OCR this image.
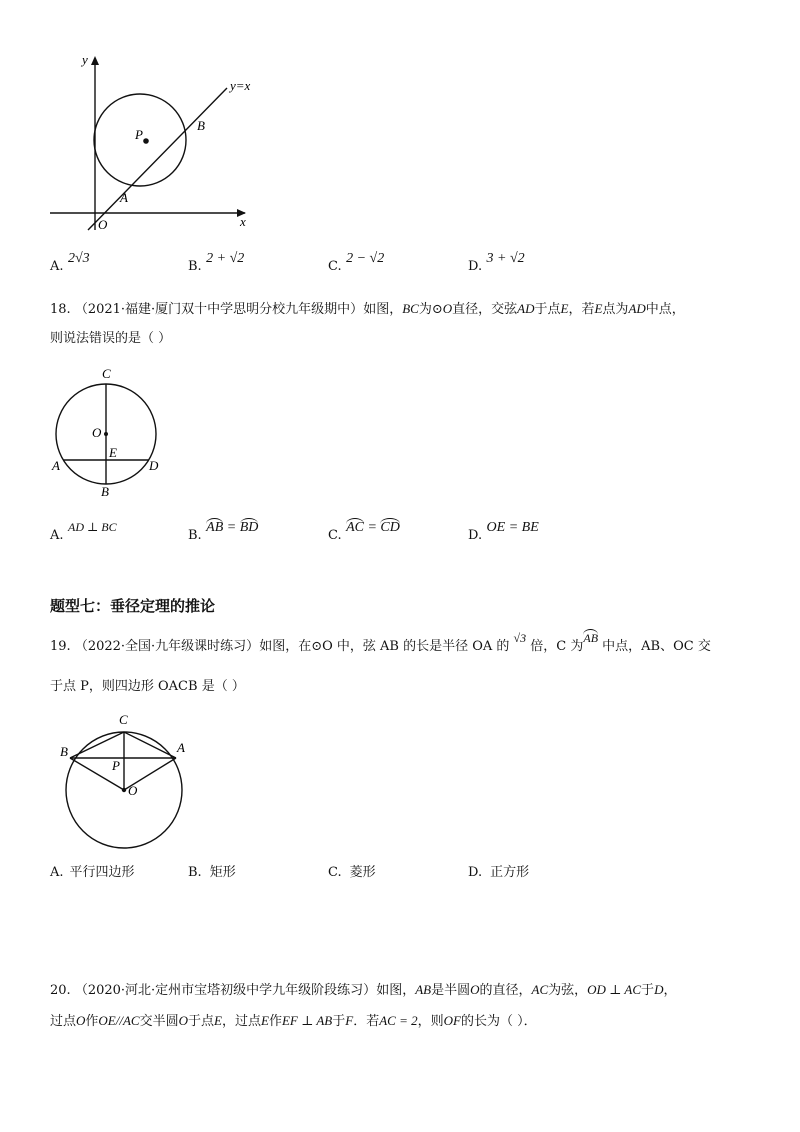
y
x
O
y=x
P
A
B
A. 2√3
B. 2 + √2
C. 2 − √2
D. 3 + √2
18. （2021·福建·厦门双十中学思明分校九年级期中）如图，BC为⊙O直径，交弦AD于点E，若E点为AD中点，
则说法错误的是（ ）
C
O
E
A	D
B
A. AD ⊥ BC
B. AB = BD
C. AC = CD
D. OE = BE
题型七：垂径定理的推论
19. （2022·全国·九年级课时练习）如图，在⊙O 中，弦 AB 的长是半径 OA 的 √3 倍，C 为AB 中点，AB、OC 交
于点 P，则四边形 OACB 是（ ）
C
B	A
P
O
A. 平行四边形	B. 矩形	C. 菱形	D. 正方形
20. （2020·河北·定州市宝塔初级中学九年级阶段练习）如图，AB是半圆O的直径，AC为弦，OD ⊥ AC于D，
过点O作OE//AC交半圆O于点E，过点E作EF ⊥ AB于F．若AC = 2，则OF的长为（ ）．
